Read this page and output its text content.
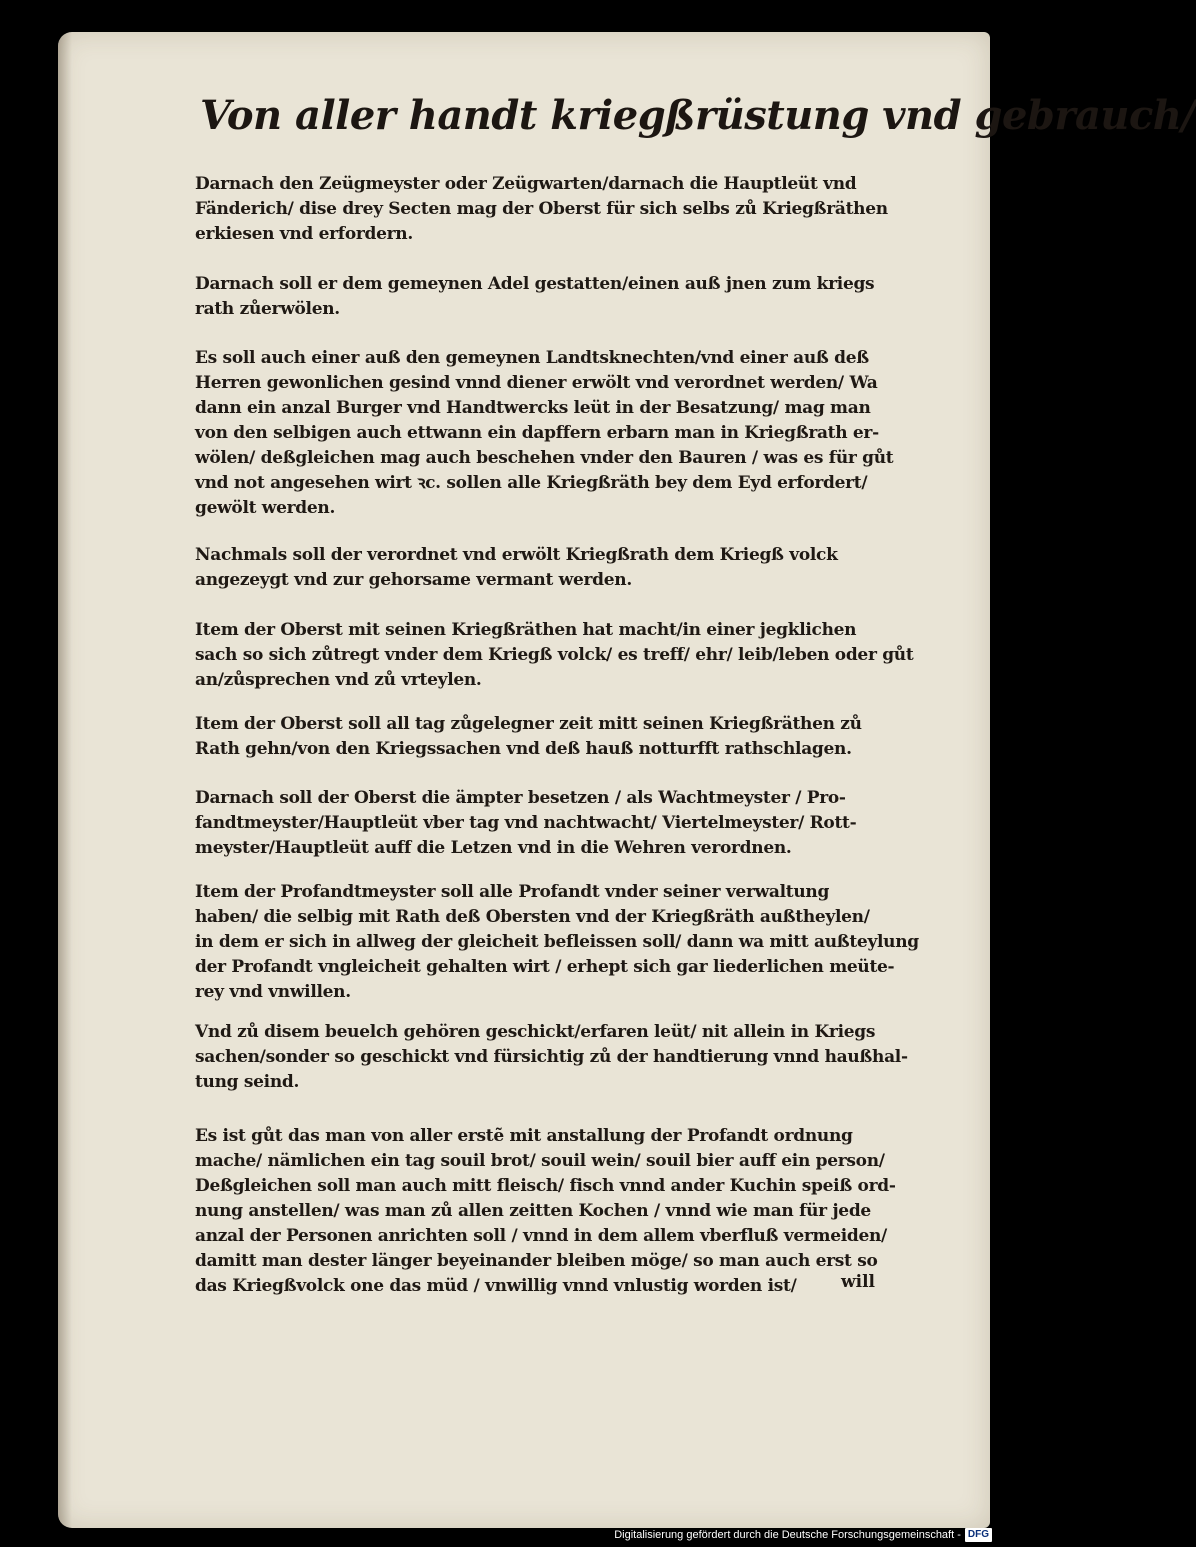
Von aller handt kriegßrüstung vnd gebrauch/
Darnach den Zeügmeyster oder Zeügwarten/darnach die Hauptleüt vnd
Fänderich/ dise drey Secten mag der Oberst für sich selbs zů Kriegßräthen
erkiesen vnd erfordern.
Darnach soll er dem gemeynen Adel gestatten/einen auß jnen zum kriegs
rath zůerwölen.
Es soll auch einer auß den gemeynen Landtsknechten/vnd einer auß deß
Herren gewonlichen gesind vnnd diener erwölt vnd verordnet werden/ Wa
dann ein anzal Burger vnd Handtwercks leüt in der Besatzung/ mag man
von den selbigen auch ettwann ein dapffern erbarn man in Kriegßrath er-
wölen/ deßgleichen mag auch beschehen vnder den Bauren / was es für gůt
vnd not angesehen wirt ꝛc. sollen alle Kriegßräth bey dem Eyd erfordert/
gewölt werden.
Nachmals soll der verordnet vnd erwölt Kriegßrath dem Kriegß volck
angezeygt vnd zur gehorsame vermant werden.
Item der Oberst mit seinen Kriegßräthen hat macht/in einer jegklichen
sach so sich zůtregt vnder dem Kriegß volck/ es treff/ ehr/ leib/leben oder gůt
an/zůsprechen vnd zů vrteylen.
Item der Oberst soll all tag zůgelegner zeit mitt seinen Kriegßräthen zů
Rath gehn/von den Kriegssachen vnd deß hauß notturfft rathschlagen.
Darnach soll der Oberst die ämpter besetzen / als Wachtmeyster / Pro-
fandtmeyster/Hauptleüt vber tag vnd nachtwacht/ Viertelmeyster/ Rott-
meyster/Hauptleüt auff die Letzen vnd in die Wehren verordnen.
Item der Profandtmeyster soll alle Profandt vnder seiner verwaltung
haben/ die selbig mit Rath deß Obersten vnd der Kriegßräth außtheylen/
in dem er sich in allweg der gleicheit befleissen soll/ dann wa mitt außteylung
der Profandt vngleicheit gehalten wirt / erhept sich gar liederlichen meüte-
rey vnd vnwillen.
Vnd zů disem beuelch gehören geschickt/erfaren leüt/ nit allein in Kriegs
sachen/sonder so geschickt vnd fürsichtig zů der handtierung vnnd haußhal-
tung seind.
Es ist gůt das man von aller erstẽ mit anstallung der Profandt ordnung
mache/ nämlichen ein tag souil brot/ souil wein/ souil bier auff ein person/
Deßgleichen soll man auch mitt fleisch/ fisch vnnd ander Kuchin speiß ord-
nung anstellen/ was man zů allen zeitten Kochen / vnnd wie man für jede
anzal der Personen anrichten soll / vnnd in dem allem vberfluß vermeiden/
damitt man dester länger beyeinander bleiben möge/ so man auch erst so
das Kriegßvolck one das müd / vnwillig vnnd vnlustig worden ist/	will
Digitalisierung gefördert durch die Deutsche Forschungsgemeinschaft - DFG
